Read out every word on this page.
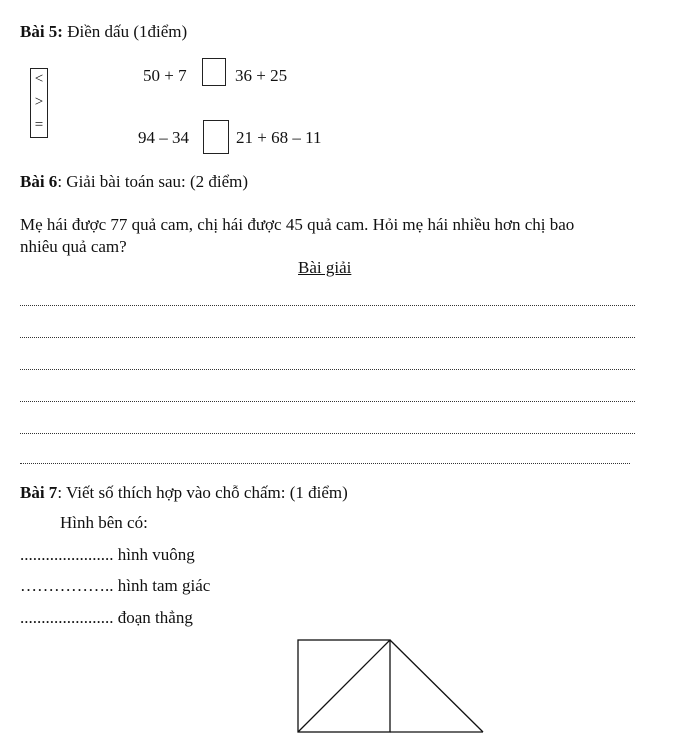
Bài 5: Điền dấu (1điểm)
<
>
=
50 + 7	36 + 25
94 – 34	21 + 68 – 11
Bài 6: Giải bài toán sau: (2 điểm)
Mẹ hái được 77 quả cam, chị hái được 45 quả cam. Hỏi mẹ hái nhiều hơn chị bao
nhiêu quả cam?
Bài giải
Bài 7: Viết số thích hợp vào chỗ chấm: (1 điểm)
Hình bên có:
...................... hình vuông
…………….. hình tam giác
...................... đoạn thẳng
